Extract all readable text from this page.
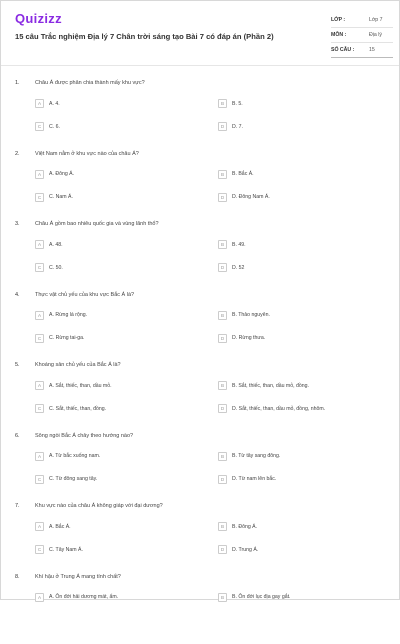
Quizizz
15 câu Trắc nghiệm Địa lý 7 Chân trời sáng tạo Bài 7 có đáp án (Phần 2)
LỚP :	Lớp 7
MÔN :	Địa lý
SỐ CÂU :	15
1.	Châu Á được phân chia thành mấy khu vực?
A	A. 4.	B	B. 5.
C	C. 6.	D	D. 7.
2.	Việt Nam nằm ở khu vực nào của châu Á?
A	A. Đông Á.	B	B. Bắc Á.
C	C. Nam Á.	D	D. Đông Nam Á.
3.	Châu Á gồm bao nhiêu quốc gia và vùng lãnh thổ?
A	A. 48.	B	B. 49.
C	C. 50.	D	D. 52
4.	Thực vật chủ yếu của khu vực Bắc Á là?
A	A. Rừng lá rộng.	B	B. Thảo nguyên.
C	C. Rừng tai-ga.	D	D. Rừng thưa.
5.	Khoáng sản chủ yếu của Bắc Á là?
A	A. Sắt, thiếc, than, dầu mỏ.	B	B. Sắt, thiếc, than, dầu mỏ, đồng.
C	C. Sắt, thiếc, than, đồng.	D	D. Sắt, thiếc, than, dầu mỏ, đồng, nhôm.
6.	Sông ngòi Bắc Á chảy theo hướng nào?
A	A. Từ bắc xuống nam.	B	B. Từ tây sang đông.
C	C. Từ đông sang tây.	D	D. Từ nam lên bắc.
7.	Khu vực nào của châu Á không giáp với đại dương?
A	A. Bắc Á.	B	B. Đông Á.
C	C. Tây Nam Á.	D	D. Trung Á.
8.	Khí hậu ở Trung Á mang tính chất?
A	A. Ôn đới hải dương mát, ẩm.	B	B. Ôn đới lục địa gay gắt.
